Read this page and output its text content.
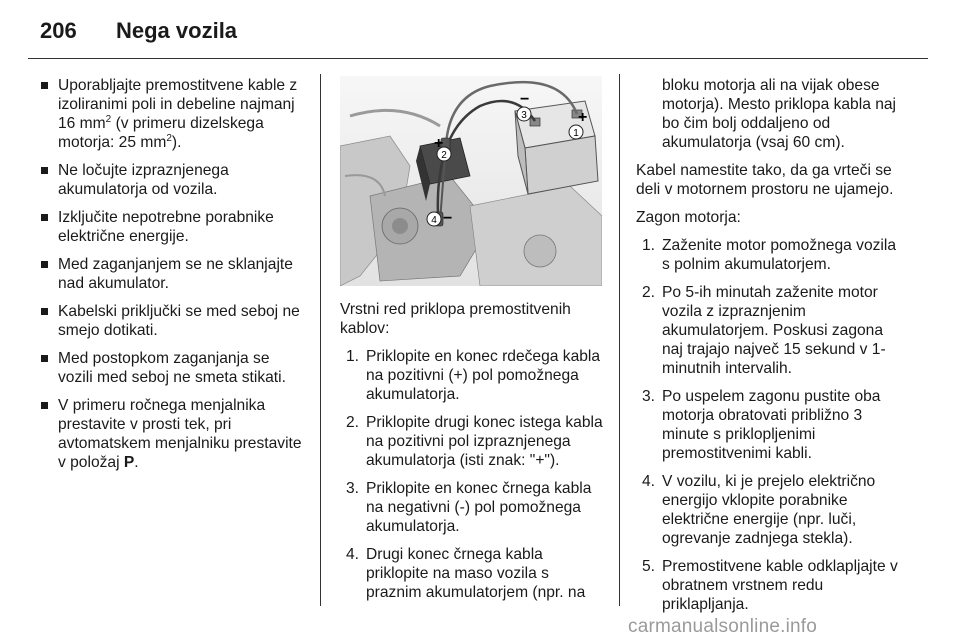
206 Nega vozila
Uporabljajte premostitvene kable z izoliranimi poli in debeline najmanj 16 $mm^2$ (v primeru dizelskega motorja: 25 $mm^2$).
Ne ločujte izpraznjenega akumulatorja od vozila.
Izključite nepotrebne porabnike električne energije.
Med zaganjanjem se ne sklanjajte nad akumulator.
Kabelski priključki se med seboj ne smejo dotikati.
Med postopkom zaganjanja se vozili med seboj ne smeta stikati.
V primeru ročnega menjalnika prestavite v prosti tek, pri avtomatskem menjalniku prestavite v položaj P.
1
2
3
4
+
+
−
−

Vrstni red priklopa premostitvenih kablov:

1. Priklopite en konec rdečega kabla na pozitivni (+) pol pomožnega akumulatorja.
2. Priklopite drugi konec istega kabla na pozitivni pol izpraznjenega akumulatorja (isti znak: "+").
3. Priklopite en konec črnega kabla na negativni (-) pol pomožnega akumulatorja.
4. Drugi konec črnega kabla priklopite na maso vozila s praznim akumulatorjem (npr. na

bloku motorja ali na vijak obese motorja). Mesto priklopa kabla naj bo čim bolj oddaljeno od akumulatorja (vsaj 60 cm).

Kabel namestite tako, da ga vrteči se deli v motornem prostoru ne ujamejo.

Zagon motorja:

1. Zaženite motor pomožnega vozila s polnim akumulatorjem.
2. Po 5-ih minutah zaženite motor vozila z izpraznjenim akumulatorjem. Poskusi zagona naj trajajo največ 15 sekund v 1-minutnih intervalih.
3. Po uspelem zagonu pustite oba motorja obratovati približno 3 minute s priklopljenimi premostitvenimi kabli.
4. V vozilu, ki je prejelo električno energijo vklopite porabnike električne energije (npr. luči, ogrevanje zadnjega stekla).
5. Premostitvene kable odklapljajte v obratnem vrstnem redu priklapljanja.
carmanualsonline.info
